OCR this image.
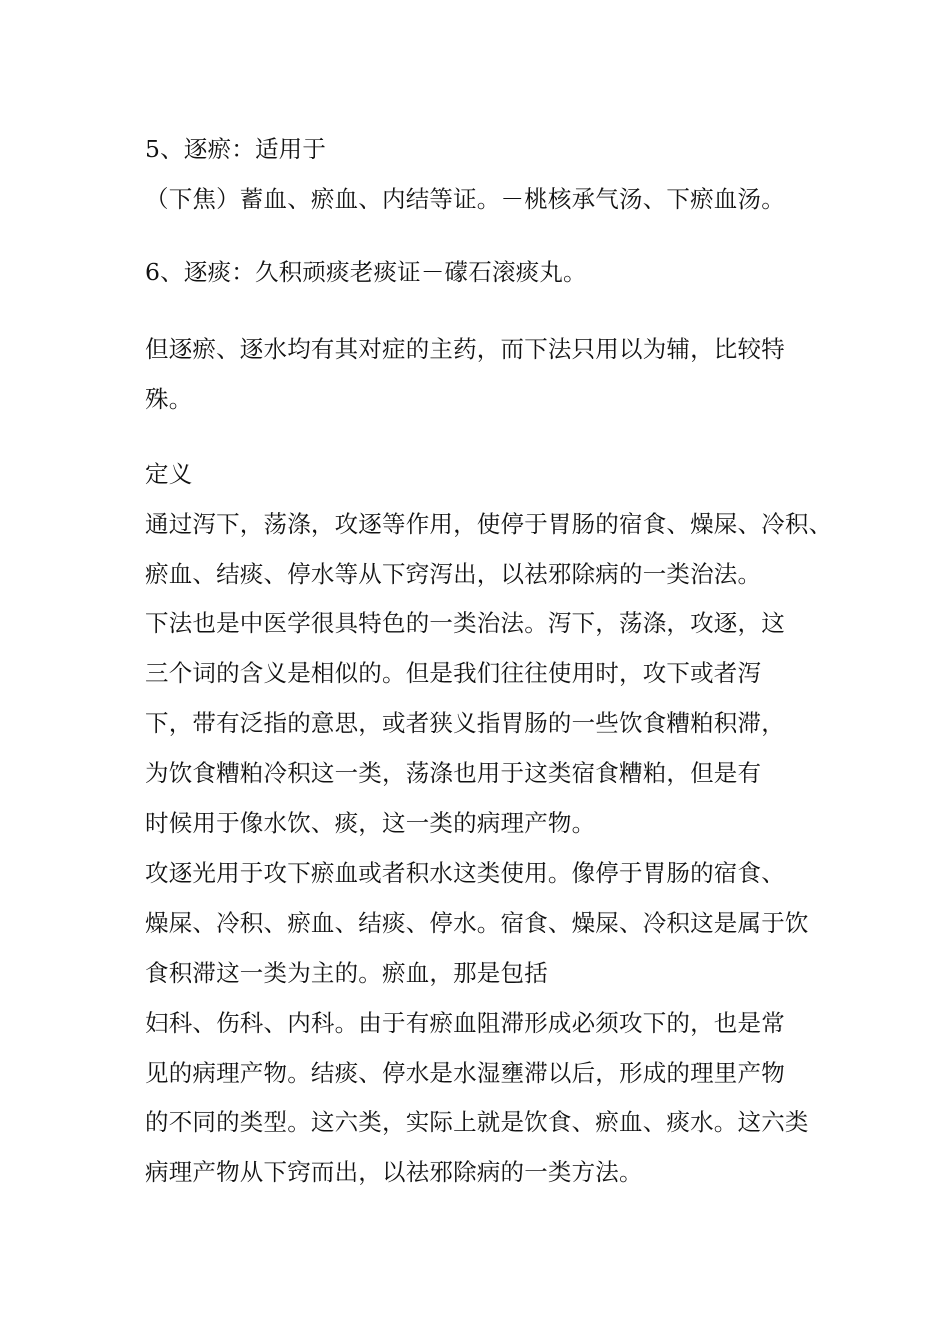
5、逐瘀：适用于
（下焦）蓄血、瘀血、内结等证。－桃核承气汤、下瘀血汤。
6、逐痰：久积顽痰老痰证－礞石滚痰丸。
但逐瘀、逐水均有其对症的主药，而下法只用以为辅，比较特
殊。
定义
通过泻下，荡涤，攻逐等作用，使停于胃肠的宿食、燥屎、冷积、
瘀血、结痰、停水等从下窍泻出，以祛邪除病的一类治法。
下法也是中医学很具特色的一类治法。泻下，荡涤，攻逐，这
三个词的含义是相似的。但是我们往往使用时，攻下或者泻
下，带有泛指的意思，或者狭义指胃肠的一些饮食糟粕积滞，
为饮食糟粕冷积这一类，荡涤也用于这类宿食糟粕，但是有
时候用于像水饮、痰，这一类的病理产物。
攻逐光用于攻下瘀血或者积水这类使用。像停于胃肠的宿食、
燥屎、冷积、瘀血、结痰、停水。宿食、燥屎、冷积这是属于饮
食积滞这一类为主的。瘀血，那是包括
妇科、伤科、内科。由于有瘀血阻滞形成必须攻下的，也是常
见的病理产物。结痰、停水是水湿壅滞以后，形成的理里产物
的不同的类型。这六类，实际上就是饮食、瘀血、痰水。这六类
病理产物从下窍而出，以祛邪除病的一类方法。
